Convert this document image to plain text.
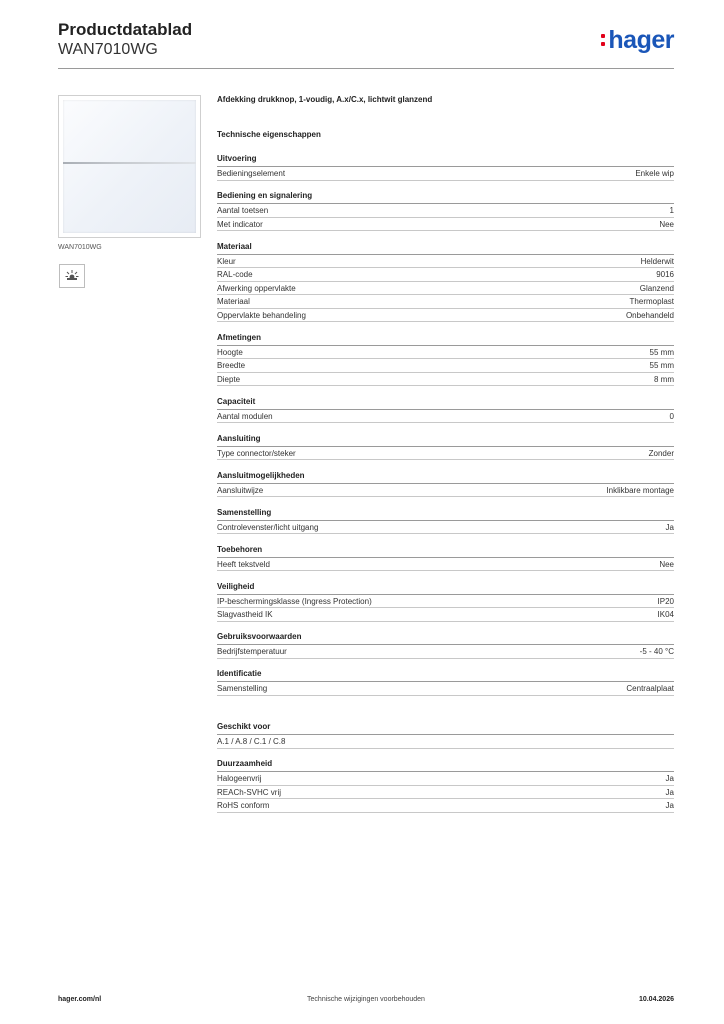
Productdatablad
WAN7010WG	hager
WAN7010WG
Afdekking drukknop, 1-voudig, A.x/C.x, lichtwit glanzend
Technische eigenschappen
Uitvoering
Bedieningselement	Enkele wip
Bediening en signalering
Aantal toetsen	1
Met indicator	Nee
Materiaal
Kleur	Helderwit
RAL-code	9016
Afwerking oppervlakte	Glanzend
Materiaal	Thermoplast
Oppervlakte behandeling	Onbehandeld
Afmetingen
Hoogte	55 mm
Breedte	55 mm
Diepte	8 mm
Capaciteit
Aantal modulen	0
Aansluiting
Type connector/steker	Zonder
Aansluitmogelijkheden
Aansluitwijze	Inklikbare montage
Samenstelling
Controlevenster/licht uitgang	Ja
Toebehoren
Heeft tekstveld	Nee
Veiligheid
IP-beschermingsklasse (Ingress Protection)	IP20
Slagvastheid IK	IK04
Gebruiksvoorwaarden
Bedrijfstemperatuur	-5 - 40 °C
Identificatie
Samenstelling	Centraalplaat
Geschikt voor
A.1 / A.8 / C.1 / C.8
Duurzaamheid
Halogeenvrij	Ja
REACh-SVHC vrij	Ja
RoHS conform	Ja
hager.com/nl	Technische wijzigingen voorbehouden	10.04.2026
